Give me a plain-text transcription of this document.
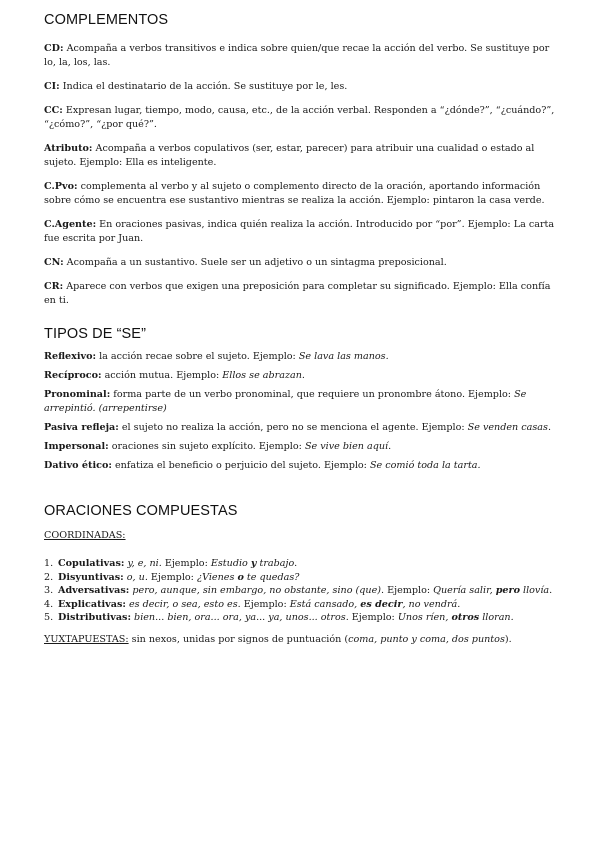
COMPLEMENTOS

CD: Acompaña a verbos transitivos e indica sobre quien/que recae la acción del verbo. Se sustituye por lo, la, los, las.

CI: Indica el destinatario de la acción. Se sustituye por le, les.

CC: Expresan lugar, tiempo, modo, causa, etc., de la acción verbal. Responden a “¿dónde?”, “¿cuándo?”, “¿cómo?”, “¿por qué?”.

Atributo: Acompaña a verbos copulativos (ser, estar, parecer) para atribuir una cualidad o estado al sujeto. Ejemplo: Ella es inteligente.

C.Pvo: complementa al verbo y al sujeto o complemento directo de la oración, aportando información sobre cómo se encuentra ese sustantivo mientras se realiza la acción. Ejemplo: pintaron la casa verde.

C.Agente: En oraciones pasivas, indica quién realiza la acción. Introducido por “por”. Ejemplo: La carta fue escrita por Juan.

CN: Acompaña a un sustantivo. Suele ser un adjetivo o un sintagma preposicional.

CR: Aparece con verbos que exigen una preposición para completar su significado. Ejemplo: Ella confía en ti.

TIPOS DE “SE”

Reflexivo: la acción recae sobre el sujeto. Ejemplo: Se lava las manos.

Recíproco: acción mutua. Ejemplo: Ellos se abrazan.

Pronominal: forma parte de un verbo pronominal, que requiere un pronombre átono. Ejemplo: Se arrepintió. (arrepentirse)

Pasiva refleja: el sujeto no realiza la acción, pero no se menciona el agente. Ejemplo: Se venden casas.

Impersonal: oraciones sin sujeto explícito. Ejemplo: Se vive bien aquí.

Dativo ético: enfatiza el beneficio o perjuicio del sujeto. Ejemplo: Se comió toda la tarta.

ORACIONES COMPUESTAS

COORDINADAS:

1. Copulativas: y, e, ni. Ejemplo: Estudio y trabajo.
2. Disyuntivas: o, u. Ejemplo: ¿Vienes o te quedas?
3. Adversativas: pero, aunque, sin embargo, no obstante, sino (que). Ejemplo: Quería salir, pero llovía.
4. Explicativas: es decir, o sea, esto es. Ejemplo: Está cansado, es decir, no vendrá.
5. Distributivas: bien... bien, ora... ora, ya... ya, unos... otros. Ejemplo: Unos ríen, otros lloran.

YUXTAPUESTAS: sin nexos, unidas por signos de puntuación (coma, punto y coma, dos puntos).
